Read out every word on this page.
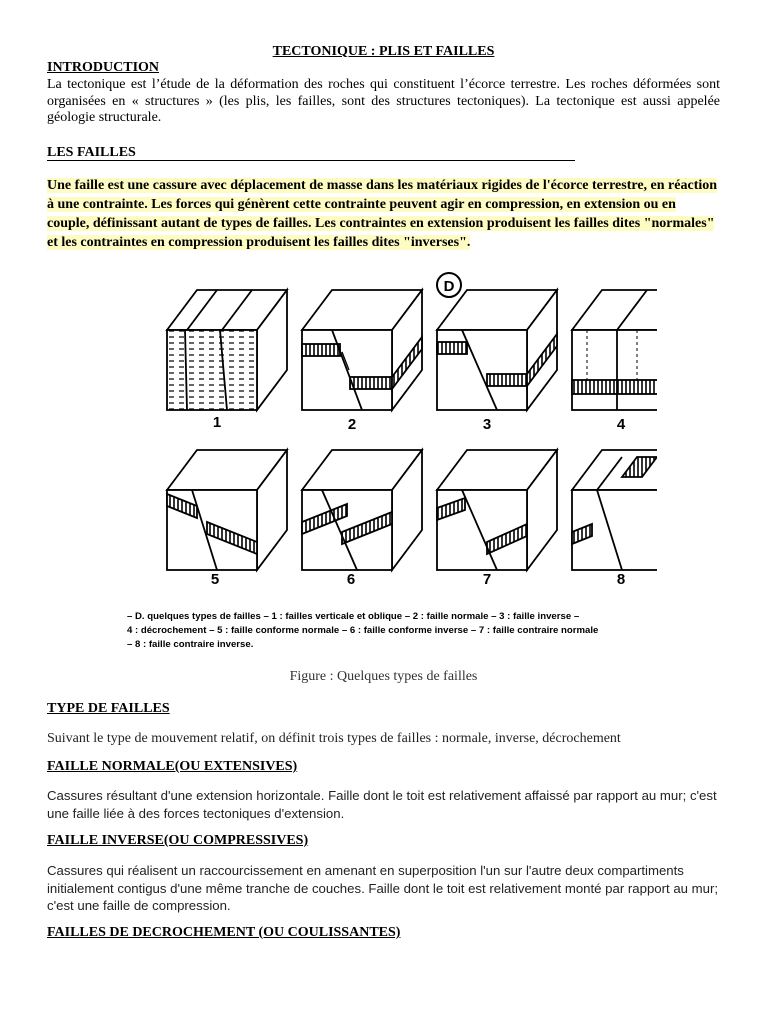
TECTONIQUE : PLIS ET FAILLES
INTRODUCTION
La tectonique est l’étude de la déformation des roches qui constituent l’écorce terrestre. Les roches déformées sont organisées en « structures » (les plis, les failles, sont des structures tectoniques). La tectonique est aussi appelée géologie structurale.
LES FAILLES
Une faille est une cassure avec déplacement de masse dans les matériaux rigides de l'écorce terrestre, en réaction à une contrainte. Les forces qui génèrent cette contrainte peuvent agir en compression, en extension ou en couple, définissant autant de types de failles. Les contraintes en extension produisent les failles dites "normales" et les contraintes en compression produisent les failles dites "inverses".
D
1	2	3	4
5	6	7	8
– D. quelques types de failles – 1 : failles verticale et oblique – 2 : faille normale – 3 : faille inverse –
4 : décrochement – 5 : faille conforme normale – 6 : faille conforme inverse – 7 : faille contraire normale
– 8 : faille contraire inverse.
Figure : Quelques types de failles
TYPE DE FAILLES
Suivant le type de mouvement relatif, on définit trois types de failles : normale, inverse, décrochement
FAILLE NORMALE(OU EXTENSIVES)
Cassures résultant d'une extension horizontale. Faille dont le toit est relativement affaissé par rapport au mur; c'est une faille liée à des forces tectoniques d'extension.
FAILLE INVERSE(OU COMPRESSIVES)
Cassures qui réalisent un raccourcissement en amenant en superposition l'un sur l'autre deux compartiments initialement contigus d'une même tranche de couches. Faille dont le toit est relativement monté par rapport au mur; c'est une faille de compression.
FAILLES DE DECROCHEMENT (OU COULISSANTES)
